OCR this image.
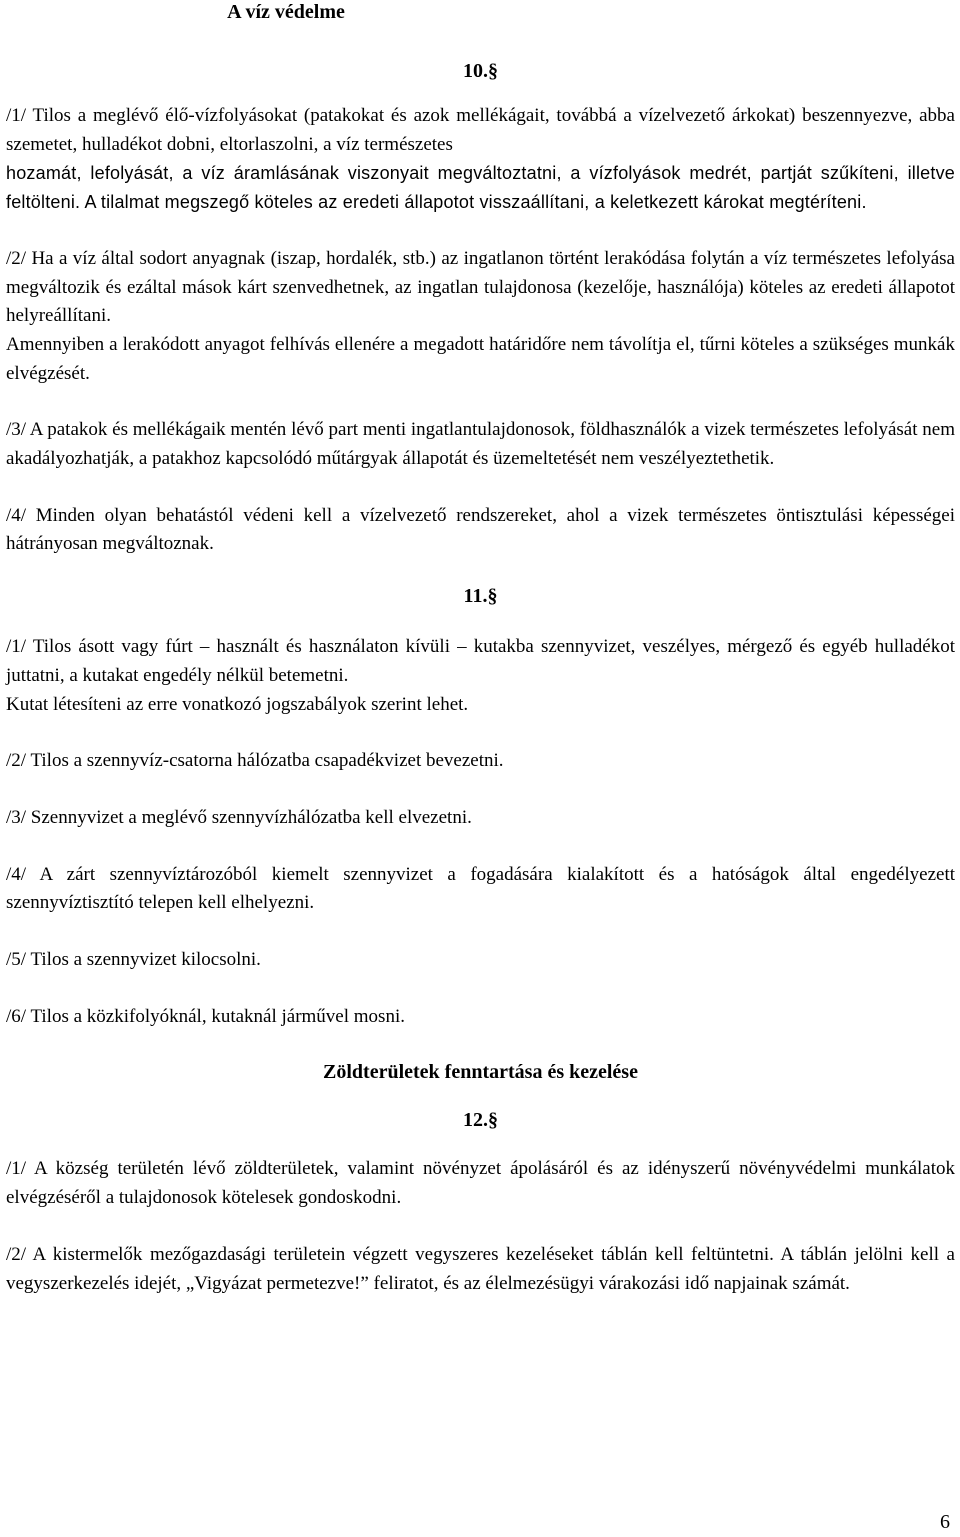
A víz védelme
10.§

/1/ Tilos a meglévő élő-vízfolyásokat (patakokat és azok mellékágait, továbbá a vízelvezető árkokat) beszennyezve, abba szemetet, hulladékot dobni, eltorlaszolni, a víz természetes

hozamát, lefolyását, a víz áramlásának viszonyait megváltoztatni, a vízfolyások medrét, partját szűkíteni, illetve feltölteni. A tilalmat megszegő köteles az eredeti állapotot visszaállítani, a keletkezett károkat megtéríteni.

/2/ Ha a víz által sodort anyagnak (iszap, hordalék, stb.) az ingatlanon történt lerakódása folytán a víz természetes lefolyása megváltozik és ezáltal mások kárt szenvedhetnek, az ingatlan tulajdonosa (kezelője, használója) köteles az eredeti állapotot helyreállítani.

Amennyiben a lerakódott anyagot felhívás ellenére a megadott határidőre nem távolítja el, tűrni köteles a szükséges munkák elvégzését.

/3/ A patakok és mellékágaik mentén lévő part menti ingatlantulajdonosok, földhasználók a vizek természetes lefolyását nem akadályozhatják, a patakhoz kapcsolódó műtárgyak állapotát és üzemeltetését nem veszélyeztethetik.

/4/ Minden olyan behatástól védeni kell a vízelvezető rendszereket, ahol a vizek természetes öntisztulási képességei hátrányosan megváltoznak.

11.§

/1/ Tilos ásott vagy fúrt – használt és használaton kívüli – kutakba szennyvizet, veszélyes, mérgező és egyéb hulladékot juttatni, a kutakat engedély nélkül betemetni.

Kutat létesíteni az erre vonatkozó jogszabályok szerint lehet.

/2/ Tilos a szennyvíz-csatorna hálózatba csapadékvizet bevezetni.

/3/ Szennyvizet a meglévő szennyvízhálózatba kell elvezetni.

/4/ A zárt szennyvíztározóból kiemelt szennyvizet a fogadására kialakított és a hatóságok által engedélyezett szennyvíztisztító telepen kell elhelyezni.

/5/ Tilos a szennyvizet kilocsolni.

/6/ Tilos a közkifolyóknál, kutaknál járművel mosni.

Zöldterületek fenntartása és kezelése
12.§

/1/ A község területén lévő zöldterületek, valamint növényzet ápolásáról és az idényszerű növényvédelmi munkálatok elvégzéséről a tulajdonosok kötelesek gondoskodni.

/2/ A kistermelők mezőgazdasági területein végzett vegyszeres kezeléseket táblán kell feltüntetni. A táblán jelölni kell a vegyszerkezelés idejét, „Vigyázat permetezve!” feliratot, és az élelmezésügyi várakozási idő napjainak számát.

6
